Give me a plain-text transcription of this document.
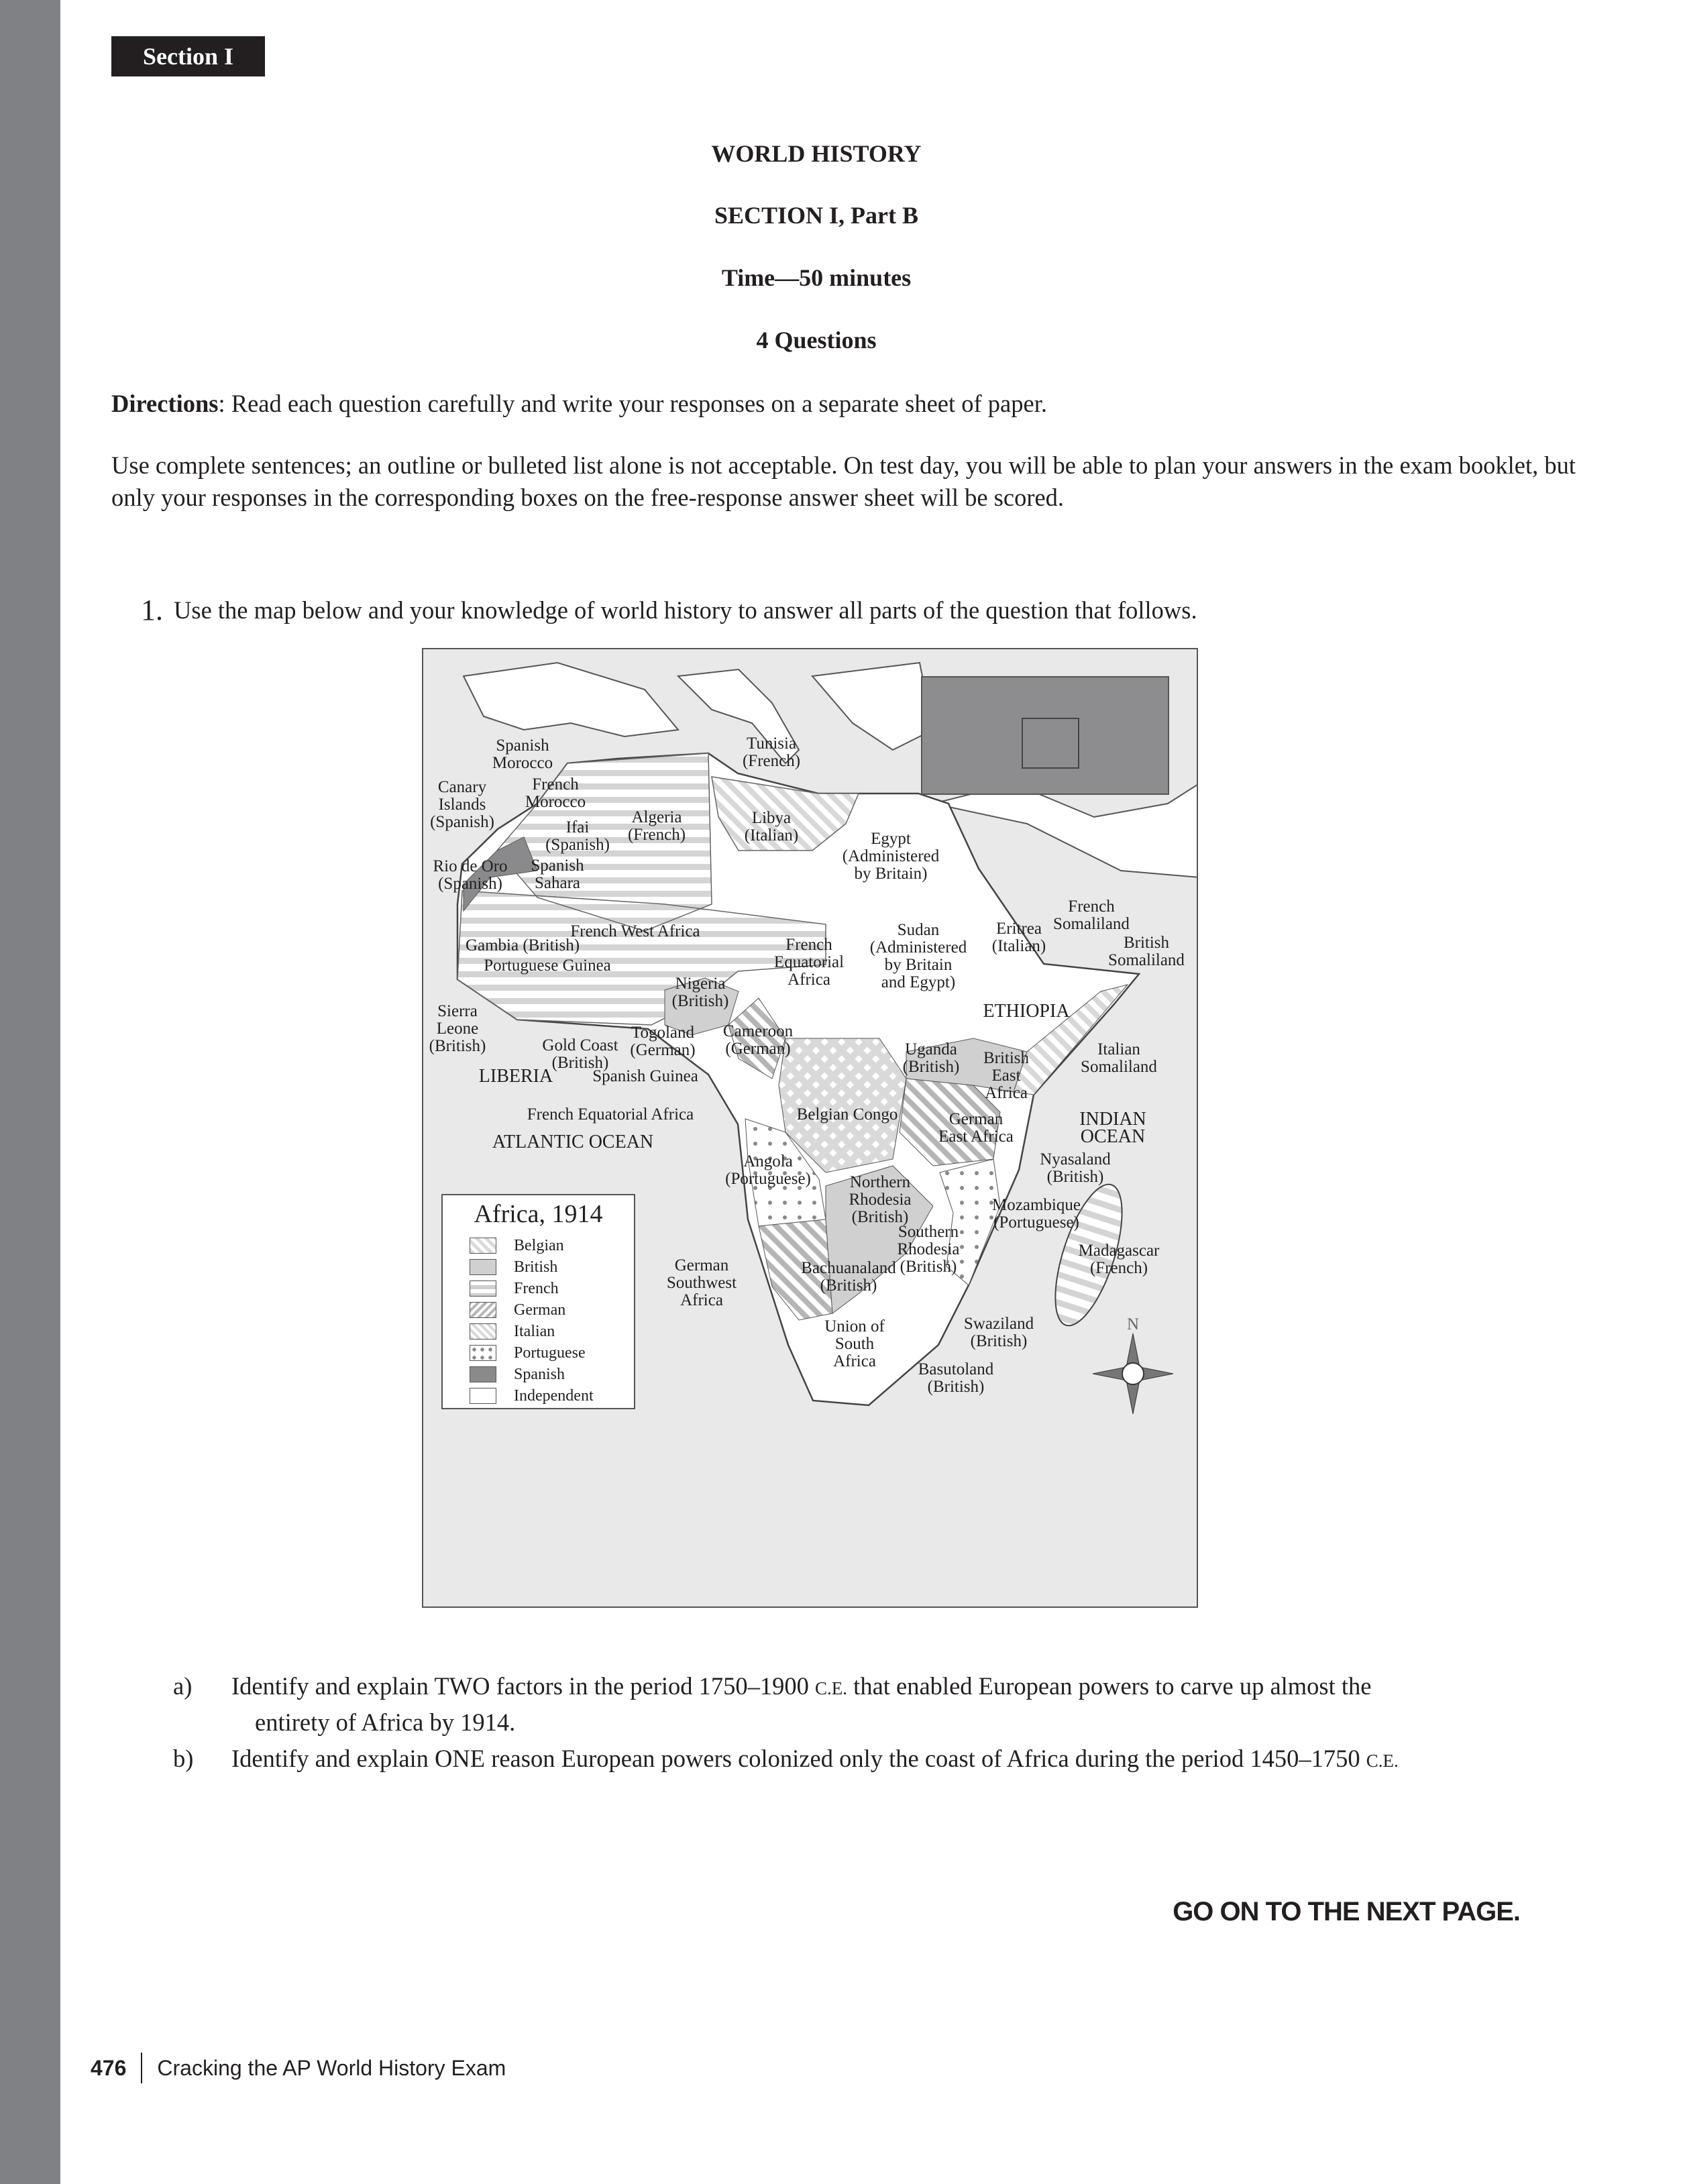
Section I
WORLD HISTORY
SECTION I, Part B
Time—50 minutes
4 Questions
Directions: Read each question carefully and write your responses on a separate sheet of paper.
Use complete sentences; an outline or bulleted list alone is not acceptable. On test day, you will be able to plan your answers in the exam booklet, but only your responses in the corresponding boxes on the free-response answer sheet will be scored.
1. Use the map below and your knowledge of world history to answer all parts of the question that follows.
Spanish
Morocco
Tunisia
(French)
Canary
Islands
(Spanish)
French
Morocco
Ifai
(Spanish)
Algeria
(French)
Libya
(Italian)	Egypt
(Administered
by Britain)
Rio de Oro
(Spanish)
Spanish
Sahara
French West Africa
Gambia (British)
Portuguese Guinea
French
Equatorial
Africa
Sudan
(Administered
by Britain
and Egypt)
Eritrea
(Italian)
French
Somaliland
British
Somaliland
Nigeria
(British)
Sierra
Leone
(British)
ETHIOPIA
Togoland
(German)
Cameroon
(German)
Gold Coast
(British)
LIBERIA Spanish Guinea
Uganda
(British) British
East
Africa
Italian Somaliland
French Equatorial Africa	Belgian Congo
ATLANTIC OCEAN
German
East Africa
INDIAN OCEAN
Angola
(Portuguese)
Nyasaland
(British)
Northern
Rhodesia
(British)
Mozambique
(Portuguese)
Southern
Rhodesia
(British)
Madagascar
(French)
German
Southwest
Africa
Bachuanaland
(British)
Swaziland
(British)
Union of
South
Africa	Basutoland
(British)
N
Africa, 1914
Belgian
British
French
German
Italian
Portuguese
Spanish
Independent
a) Identify and explain TWO factors in the period 1750–1900 C.E. that enabled European powers to carve up almost the
entirety of Africa by 1914.
b) Identify and explain ONE reason European powers colonized only the coast of Africa during the period 1450–1750 C.E.
GO ON TO THE NEXT PAGE.
476 Cracking the AP World History Exam
